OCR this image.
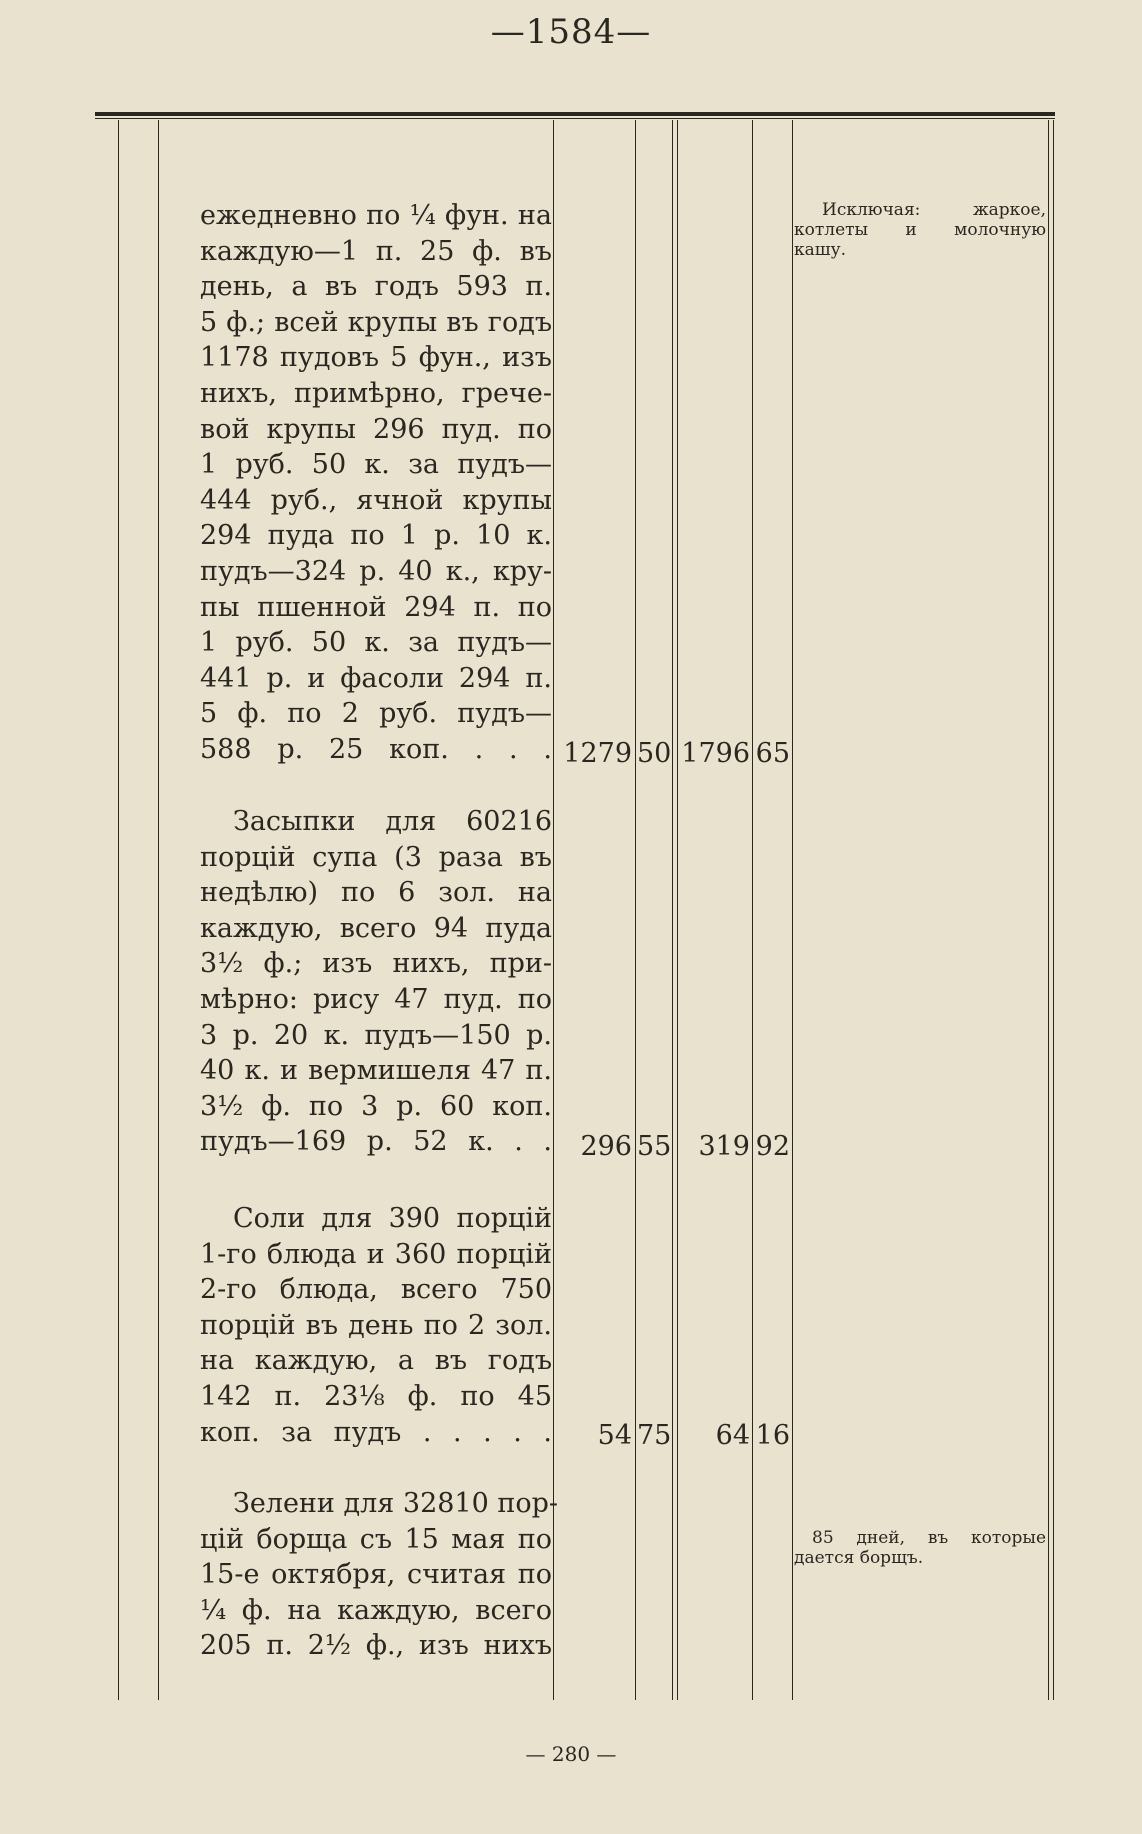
—1584—
ежедневно по ¼ фун. на
каждую—1 п. 25 ф. въ
день, а въ годъ 593 п.
5 ф.; всей крупы въ годъ
1178 пудовъ 5 фун., изъ
нихъ, примѣрно, грече-
вой крупы 296 пуд. по
1 руб. 50 к. за пудъ—
444 руб., ячной крупы
294 пуда по 1 р. 10 к.
пудъ—324 р. 40 к., кру-
пы пшенной 294 п. по
1 руб. 50 к. за пудъ—
441 р. и фасоли 294 п.
5 ф. по 2 руб. пудъ—
588 р. 25 коп. . . . 1279 50 1796 65
Засыпки для 60216
порцій супа (3 раза въ
недѣлю) по 6 зол. на
каждую, всего 94 пуда
3½ ф.; изъ нихъ, при-
мѣрно: рису 47 пуд. по
3 р. 20 к. пудъ—150 р.
40 к. и вермишеля 47 п.
3½ ф. по 3 р. 60 коп.
пудъ—169 р. 52 к. . .	296 55	319 92
Соли для 390 порцій
1-го блюда и 360 порцій
2-го блюда, всего 750
порцій въ день по 2 зол.
на каждую, а въ годъ
142 п. 23⅛ ф. по 45
коп. за пудъ . . . . .	54 75	64 16
Зелени для 32810 пор-
цій борща съ 15 мая по
15-е октября, считая по
¼ ф. на каждую, всего
205 п. 2½ ф., изъ нихъ
Исключая: жаркое,
котлеты и молочную
кашу.
85 дней, въ которые
дается борщъ.
— 280 —
